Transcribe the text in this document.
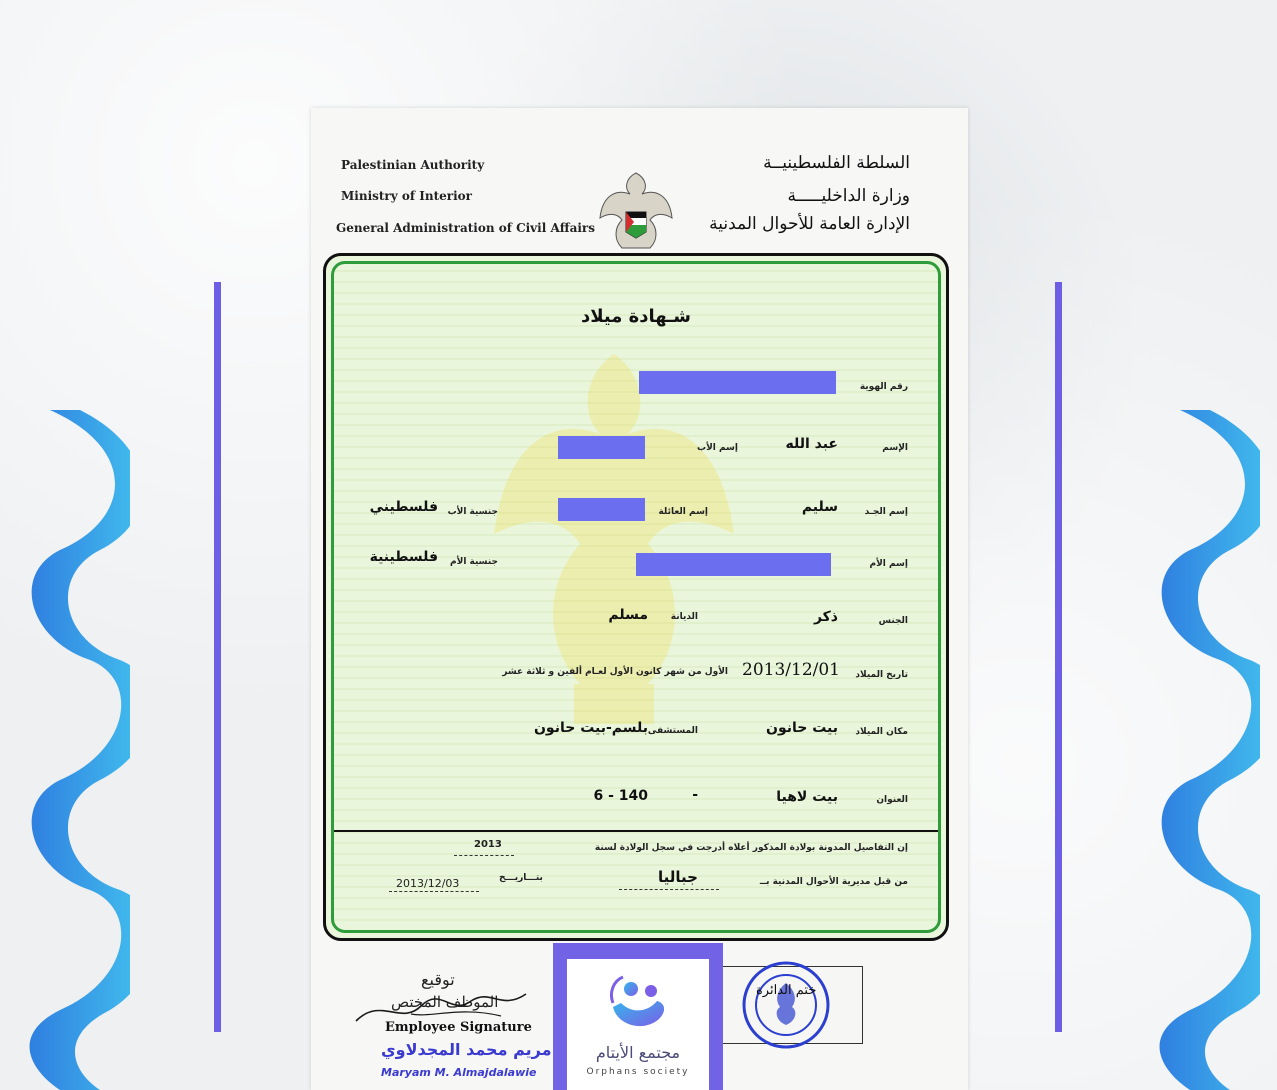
Palestinian Authority
Ministry of Interior
General Administration of Civil Affairs
السلطة الفلسطينيــة
وزارة الداخليـــــة
الإدارة العامة للأحوال المدنية
شـهادة ميلاد
رقم الهوية
الإسم
عبد الله
إسم الأب
إسم الجـد
سليم
إسم العائلة
جنسية الأب
فلسطيني
إسم الأم
جنسية الأم
فلسطينية
الجنس
ذكر
الديانة
مسلم
تاريخ الميلاد
2013/12/01
الأول من شهر كانون الأول لعـام ألفين و ثلاثة عشر
مكان الميلاد
بيت حانون
المستشفى
بلسم-بيت حانون
العنوان
بيت لاهيا
-
6 - 140
إن التفاصيل المدونة بولادة المذكور أعلاه أدرجت في سجل الولادة لسنة
2013
من قبل مديرية الأحوال المدنية بــ
جباليا
بتـــاريـــخ
2013/12/03
توقيع
الموظف المختص
Employee Signature
مريم محمد المجدلاوي
Maryam M. Almajdalawie
ختم الدائرة
مجتمع الأيتام
Orphans society
